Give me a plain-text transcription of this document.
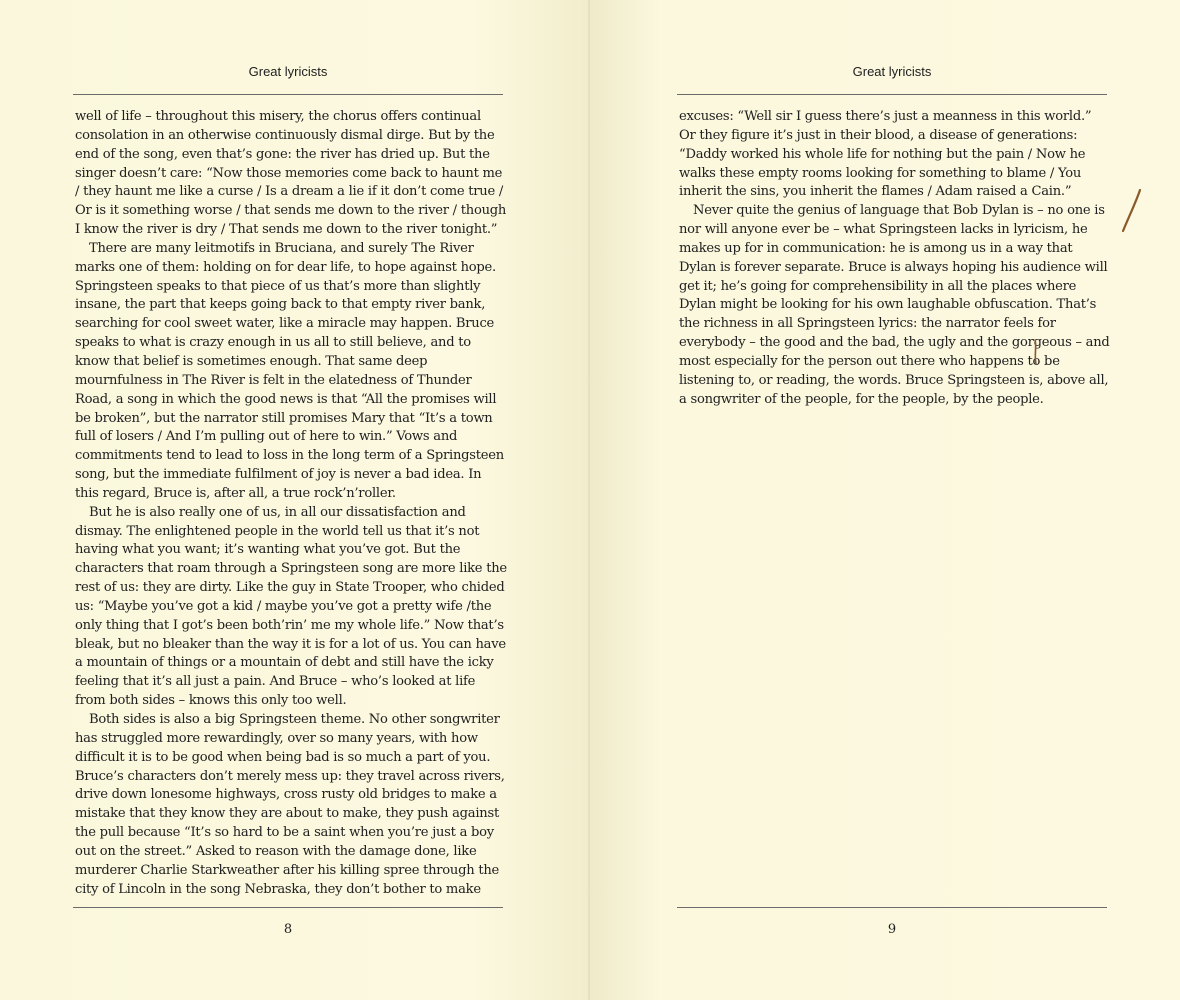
Great lyricists

well of life – throughout this misery, the chorus offers continual consolation in an otherwise continuously dismal dirge. But by the end of the song, even that’s gone: the river has dried up. But the singer doesn’t care: “Now those memories come back to haunt me / they haunt me like a curse / Is a dream a lie if it don’t come true / Or is it something worse / that sends me down to the river / though I know the river is dry / That sends me down to the river tonight.”

There are many leitmotifs in Bruciana, and surely The River marks one of them: holding on for dear life, to hope against hope. Springsteen speaks to that piece of us that’s more than slightly insane, the part that keeps going back to that empty river bank, searching for cool sweet water, like a miracle may happen. Bruce speaks to what is crazy enough in us all to still believe, and to know that belief is sometimes enough. That same deep mournfulness in The River is felt in the elatedness of Thunder Road, a song in which the good news is that “All the promises will be broken”, but the narrator still promises Mary that “It’s a town full of losers / And I’m pulling out of here to win.” Vows and commitments tend to lead to loss in the long term of a Springsteen song, but the immediate fulfilment of joy is never a bad idea. In this regard, Bruce is, after all, a true rock’n’roller.

But he is also really one of us, in all our dissatisfaction and dismay. The enlightened people in the world tell us that it’s not having what you want; it’s wanting what you’ve got. But the characters that roam through a Springsteen song are more like the rest of us: they are dirty. Like the guy in State Trooper, who chided us: “Maybe you’ve got a kid / maybe you’ve got a pretty wife /the only thing that I got’s been both’rin’ me my whole life.” Now that’s bleak, but no bleaker than the way it is for a lot of us. You can have a mountain of things or a mountain of debt and still have the icky feeling that it’s all just a pain. And Bruce – who’s looked at life from both sides – knows this only too well.

Both sides is also a big Springsteen theme. No other songwriter has struggled more rewardingly, over so many years, with how difficult it is to be good when being bad is so much a part of you. Bruce’s characters don’t merely mess up: they travel across rivers, drive down lonesome highways, cross rusty old bridges to make a mistake that they know they are about to make, they push against the pull because “It’s so hard to be a saint when you’re just a boy out on the street.” Asked to reason with the damage done, like murderer Charlie Starkweather after his killing spree through the city of Lincoln in the song Nebraska, they don’t bother to make

8
Great lyricists

excuses: “Well sir I guess there’s just a meanness in this world.” Or they figure it’s just in their blood, a disease of generations: “Daddy worked his whole life for nothing but the pain / Now he walks these empty rooms looking for something to blame / You inherit the sins, you inherit the flames / Adam raised a Cain.”

Never quite the genius of language that Bob Dylan is – no one is nor will anyone ever be – what Springsteen lacks in lyricism, he makes up for in communication: he is among us in a way that Dylan is forever separate. Bruce is always hoping his audience will get it; he’s going for comprehensibility in all the places where Dylan might be looking for his own laughable obfuscation. That’s the richness in all Springsteen lyrics: the narrator feels for everybody – the good and the bad, the ugly and the gorgeous – and most especially for the person out there who happens to be listening to, or reading, the words. Bruce Springsteen is, above all, a songwriter of the people, for the people, by the people.

9
